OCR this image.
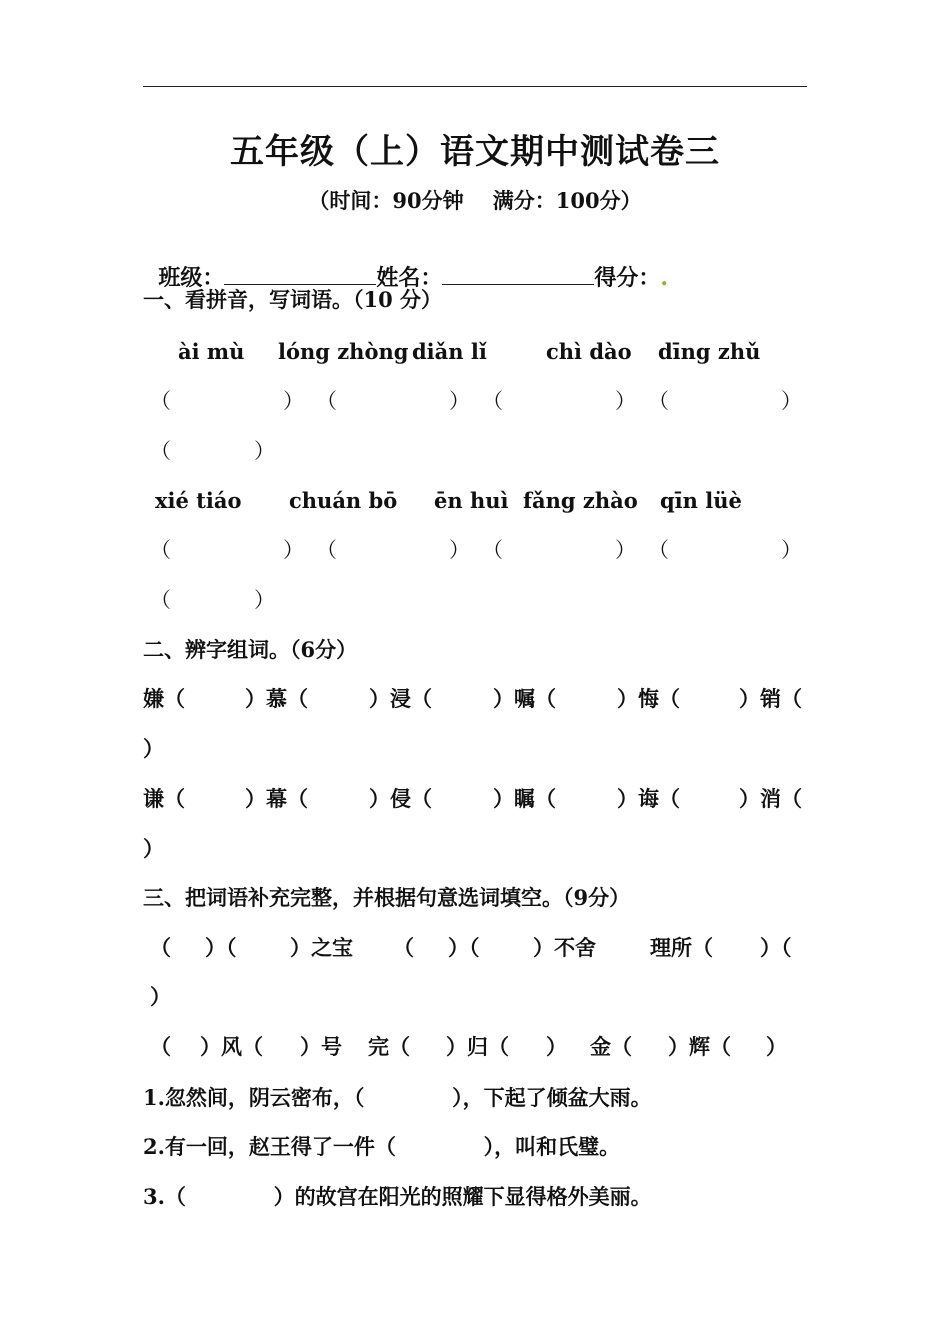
五年级（上）语文期中测试卷三
（时间：90分钟    满分：100分）

班级：	姓名：	得分：.

一、看拼音，写词语。（10 分）
ài mù lóng zhòng diǎn lǐ	chì dào dīng zhǔ
（	） （	） （	） （	）
（	）
xié tiáo chuán bō ēn huì fǎng zhào qīn lüè
（	） （	） （	） （	）
（	）
二、辨字组词。（6分）
嫌（	）慕（	）浸（	）嘱（	）悔（	）销（
）
谦（	）幕（	）侵（	）瞩（	）诲（	）消（
）
三、把词语补充完整，并根据句意选词填空。（9分）
（ ）（	）之宝 （ ）（	）不舍	理所（ ）（
）
（ ）风（ ）号 完（ ）归（ ） 金（ ）辉（ ）
1.忽然间，阴云密布，（            ），下起了倾盆大雨。
2.有一回，赵王得了一件（            ），叫和氏璧。
3.（            ）的故宫在阳光的照耀下显得格外美丽。
